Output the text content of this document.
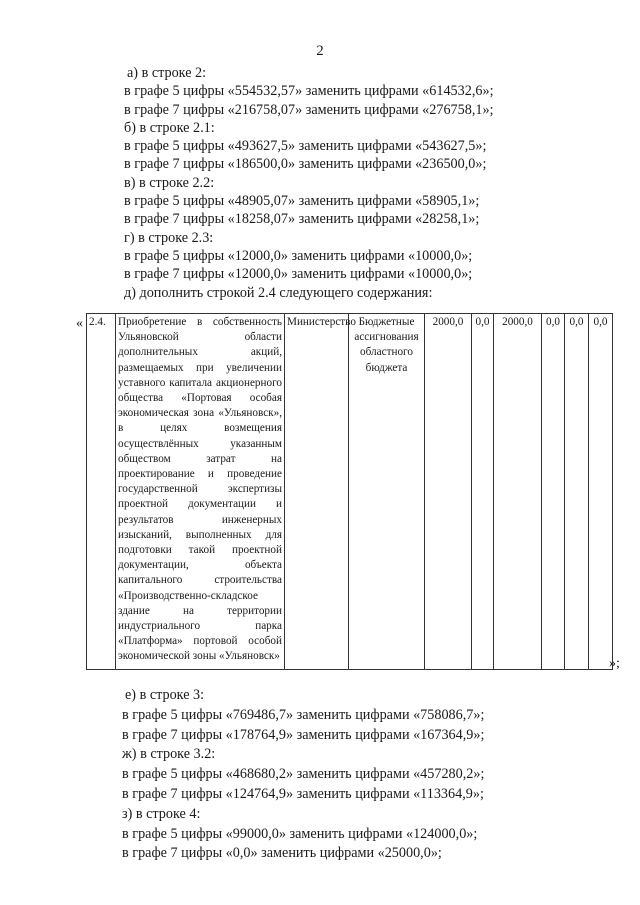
2
а) в строке 2:
в графе 5 цифры «554532,57» заменить цифрами «614532,6»;
в графе 7 цифры «216758,07» заменить цифрами «276758,1»;
б) в строке 2.1:
в графе 5 цифры «493627,5» заменить цифрами «543627,5»;
в графе 7 цифры «186500,0» заменить цифрами «236500,0»;
в) в строке 2.2:
в графе 5 цифры «48905,07» заменить цифрами «58905,1»;
в графе 7 цифры «18258,07» заменить цифрами «28258,1»;
г) в строке 2.3:
в графе 5 цифры «12000,0» заменить цифрами «10000,0»;
в графе 7 цифры «12000,0» заменить цифрами «10000,0»;
д) дополнить строкой 2.4 следующего содержания:
« 2.4.	Приобретение в собственность Ульяновской области дополнительных акций, размещаемых при увеличении уставного капитала акционерного общества «Портовая особая экономическая зона «Ульяновск», в целях возмещения осуществлённых указанным обществом затрат на проектирование и проведение государственной экспертизы проектной документации и результатов инженерных изысканий, выполненных для подготовки такой проектной документации, объекта капитального строительства «Производственно-складское здание на территории индустриального парка «Платформа» портовой особой экономической зоны «Ульяновск»	Министерство	Бюджетные ассигнования областного бюджета	2000,0	0,0	2000,0	0,0	0,0	0,0
»;
е) в строке 3:
в графе 5 цифры «769486,7» заменить цифрами «758086,7»;
в графе 7 цифры «178764,9» заменить цифрами «167364,9»;
ж) в строке 3.2:
в графе 5 цифры «468680,2» заменить цифрами «457280,2»;
в графе 7 цифры «124764,9» заменить цифрами «113364,9»;
з) в строке 4:
в графе 5 цифры «99000,0» заменить цифрами «124000,0»;
в графе 7 цифры «0,0» заменить цифрами «25000,0»;
